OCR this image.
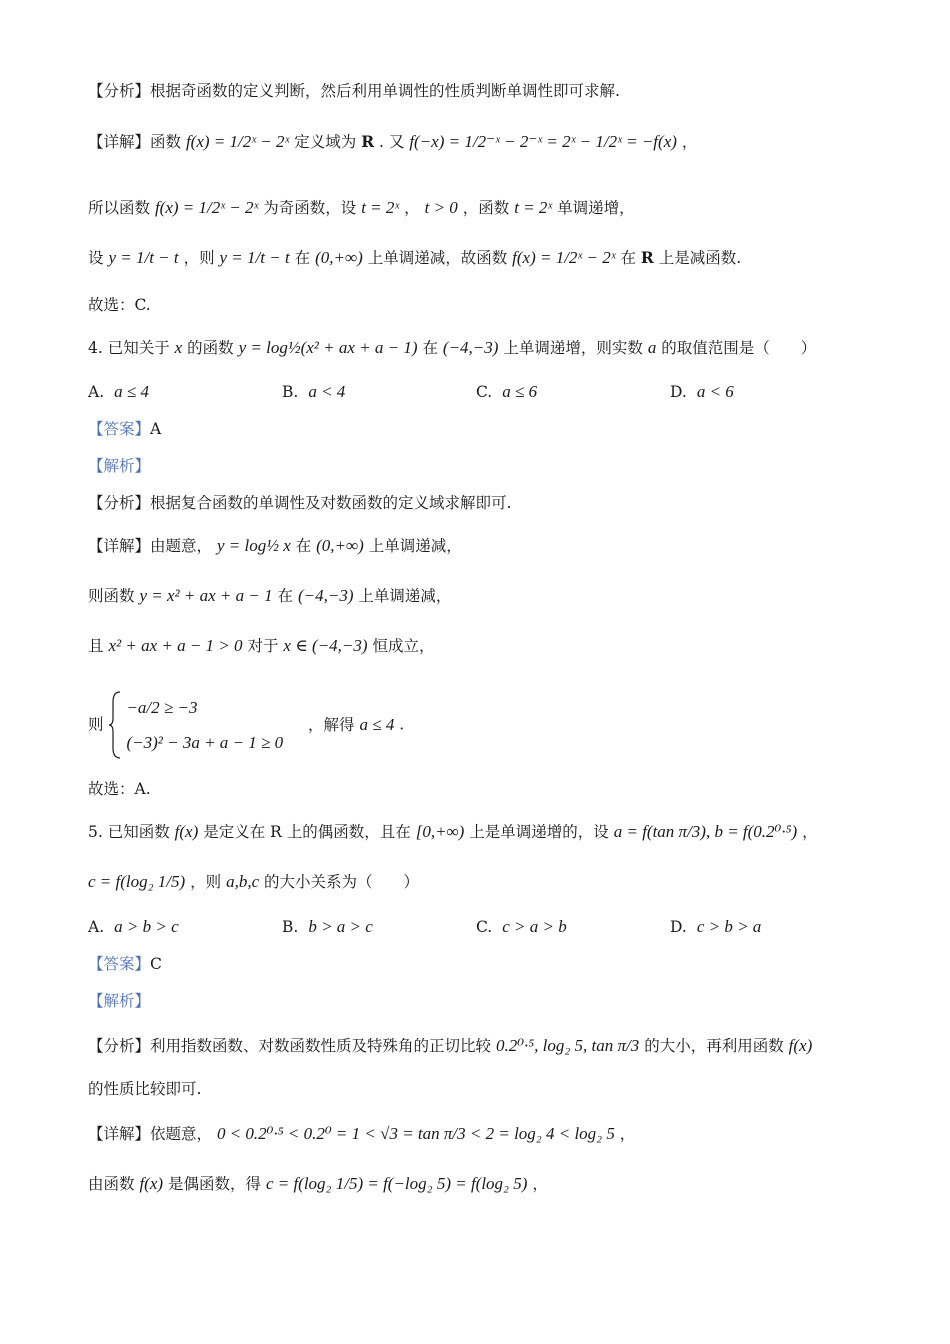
【分析】根据奇函数的定义判断，然后利用单调性的性质判断单调性即可求解.
【详解】函数 f(x) = 1/2ˣ − 2ˣ 定义域为 R . 又 f(−x) = 1/2⁻ˣ − 2⁻ˣ = 2ˣ − 1/2ˣ = −f(x) ，
所以函数 f(x) = 1/2ˣ − 2ˣ 为奇函数，设 t = 2ˣ ， t > 0 ，函数 t = 2ˣ 单调递增，
设 y = 1/t − t ，则 y = 1/t − t 在 (0,+∞) 上单调递减，故函数 f(x) = 1/2ˣ − 2ˣ 在 R 上是减函数.
故选：C.
4. 已知关于 x 的函数 y = log½(x² + ax + a − 1) 在 (−4,−3) 上单调递增，则实数 a 的取值范围是（　　）
A. a ≤ 4	B. a < 4	C. a ≤ 6	D. a < 6
【答案】A
【解析】
【分析】根据复合函数的单调性及对数函数的定义域求解即可.
【详解】由题意， y = log½ x 在 (0,+∞) 上单调递减，
则函数 y = x² + ax + a − 1 在 (−4,−3) 上单调递减，
且 x² + ax + a − 1 > 0 对于 x ∈ (−4,−3) 恒成立，
则
−a/2 ≥ −3
(−3)² − 3a + a − 1 ≥ 0
，解得 a ≤ 4 .
故选：A.
5. 已知函数 f(x) 是定义在 R 上的偶函数，且在 [0,+∞) 上是单调递增的，设 a = f(tan π/3), b = f(0.2⁰·⁵) ，
c = f(log₂ 1/5) ，则 a,b,c 的大小关系为（　　）
A. a > b > c	B. b > a > c	C. c > a > b	D. c > b > a
【答案】C
【解析】
【分析】利用指数函数、对数函数性质及特殊角的正切比较 0.2⁰·⁵, log₂ 5, tan π/3 的大小，再利用函数 f(x)
的性质比较即可.
【详解】依题意， 0 < 0.2⁰·⁵ < 0.2⁰ = 1 < √3 = tan π/3 < 2 = log₂ 4 < log₂ 5 ，
由函数 f(x) 是偶函数，得 c = f(log₂ 1/5) = f(−log₂ 5) = f(log₂ 5) ，
